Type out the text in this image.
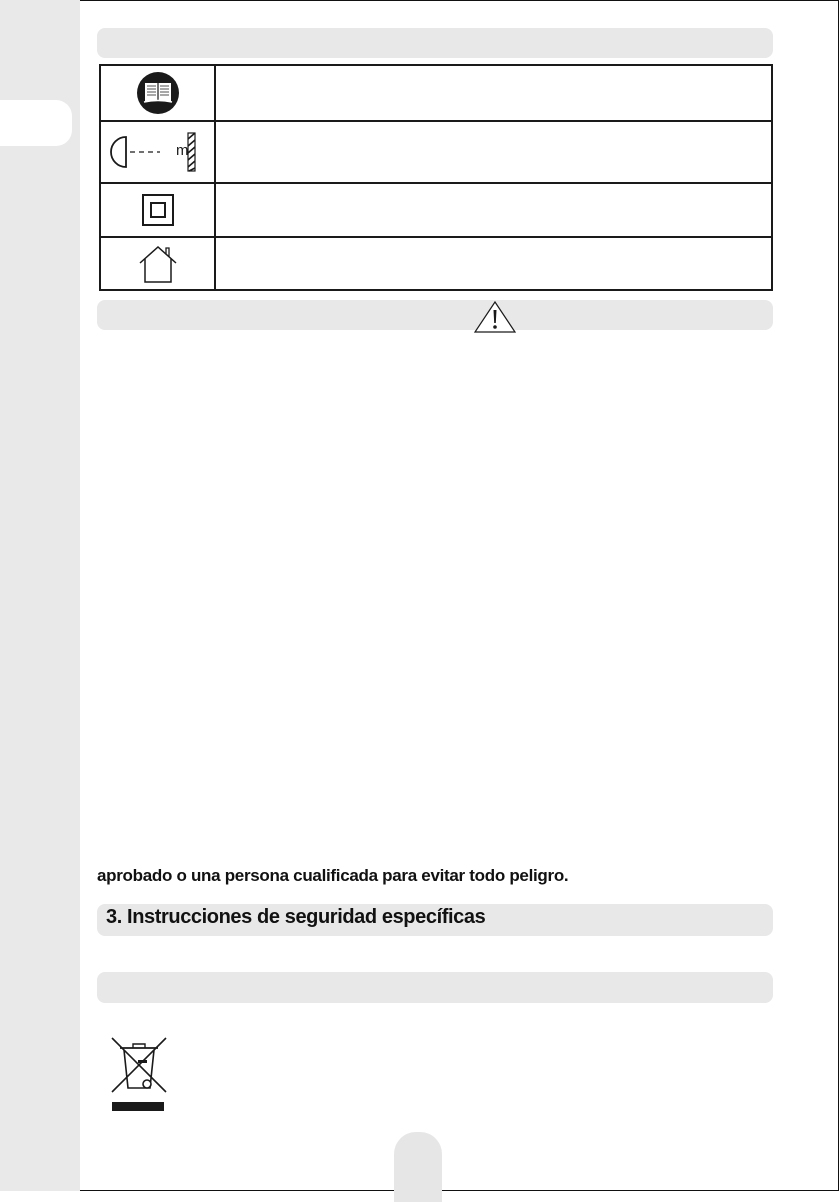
m
aprobado o una persona cualificada para evitar todo peligro.
3. Instrucciones de seguridad específicas
